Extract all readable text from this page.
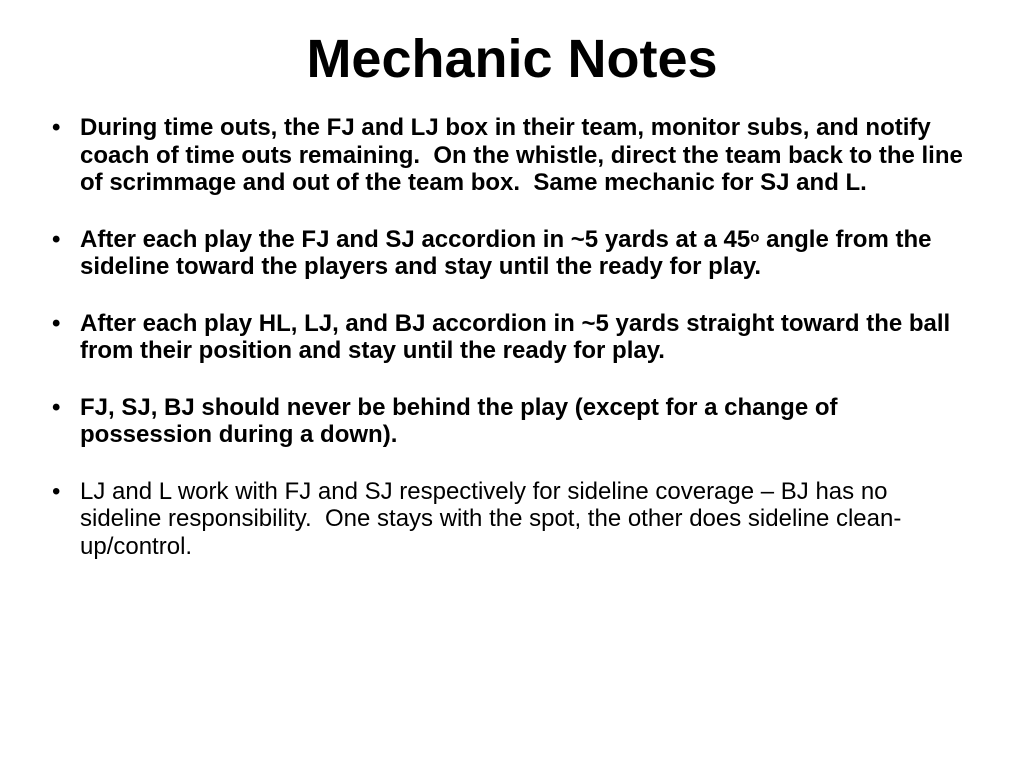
Mechanic Notes
• During time outs, the FJ and LJ box in their team, monitor subs, and notify coach of time outs remaining.  On the whistle, direct the team back to the line of scrimmage and out of the team box.  Same mechanic for SJ and L.
• After each play the FJ and SJ accordion in ~5 yards at a 45$^o$ angle from the sideline toward the players and stay until the ready for play.
• After each play HL, LJ, and BJ accordion in ~5 yards straight toward the ball from their position and stay until the ready for play.
• FJ, SJ, BJ should never be behind the play (except for a change of possession during a down).
• LJ and L work with FJ and SJ respectively for sideline coverage – BJ has no sideline responsibility.  One stays with the spot, the other does sideline clean-up/control.
